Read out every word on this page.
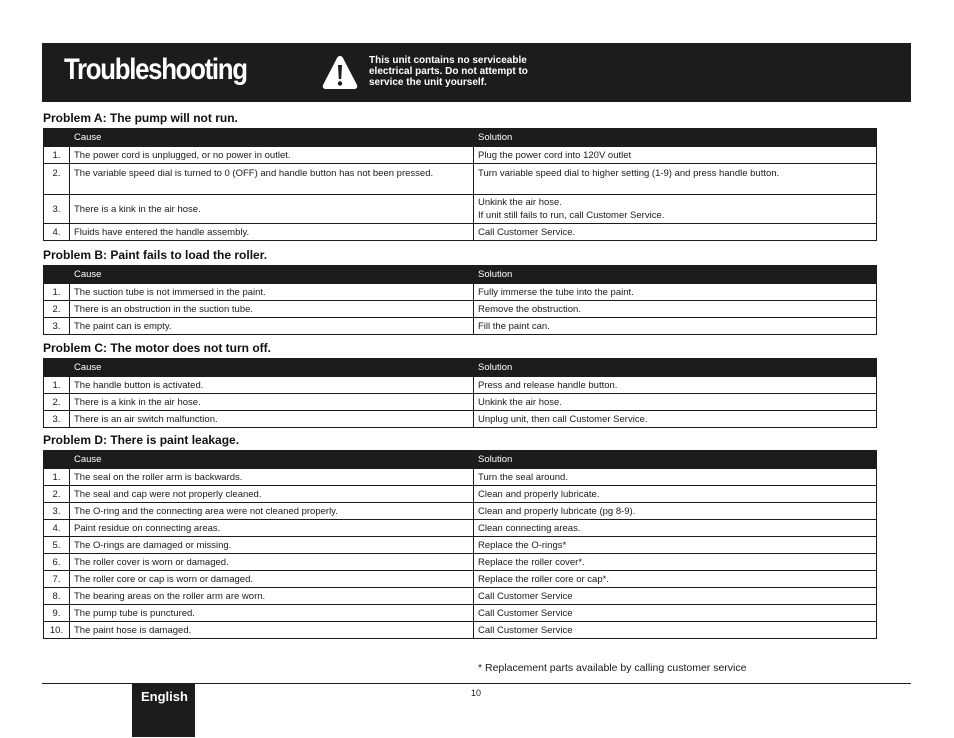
Troubleshooting	This unit contains no serviceable
electrical parts. Do not attempt to
service the unit yourself.
Problem A: The pump will not run.
	Cause	Solution
1.	The power cord is unplugged, or no power in outlet.	Plug the power cord into 120V outlet
2.	The variable speed dial is turned to 0 (OFF) and handle button has not been pressed.	Turn variable speed dial to higher setting (1-9) and press handle button.
3.	There is a kink in the air hose.	Unkink the air hose.
If unit still fails to run, call Customer Service.

4.	Fluids have entered the handle assembly.	Call Customer Service.
Problem B: Paint fails to load the roller.
	Cause	Solution
1.	The suction tube is not immersed in the paint.	Fully immerse the tube into the paint.
2.	There is an obstruction in the suction tube.	Remove the obstruction.
3.	The paint can is empty.	Fill the paint can.
Problem C: The motor does not turn off.
	Cause	Solution
1.	The handle button is activated.	Press and release handle button.
2.	There is a kink in the air hose.	Unkink the air hose.
3.	There is an air switch malfunction.	Unplug unit, then call Customer Service.
Problem D: There is paint leakage.
	Cause	Solution
1.	The seal on the roller arm is backwards.	Turn the seal around.
2.	The seal and cap were not properly cleaned.	Clean and properly lubricate.
3.	The O-ring and the connecting area were not cleaned properly.	Clean and properly lubricate (pg 8-9).
4.	Paint residue on connecting areas.	Clean connecting areas.
5.	The O-rings are damaged or missing.	Replace the O-rings*
6.	The roller cover is worn or damaged.	Replace the roller cover*.
7.	The roller core or cap is worn or damaged.	Replace the roller core or cap*.
8.	The bearing areas on the roller arm are worn.	Call Customer Service
9.	The pump tube is punctured.	Call Customer Service
10.	The paint hose is damaged.	Call Customer Service
* Replacement parts available by calling customer service
English	10
